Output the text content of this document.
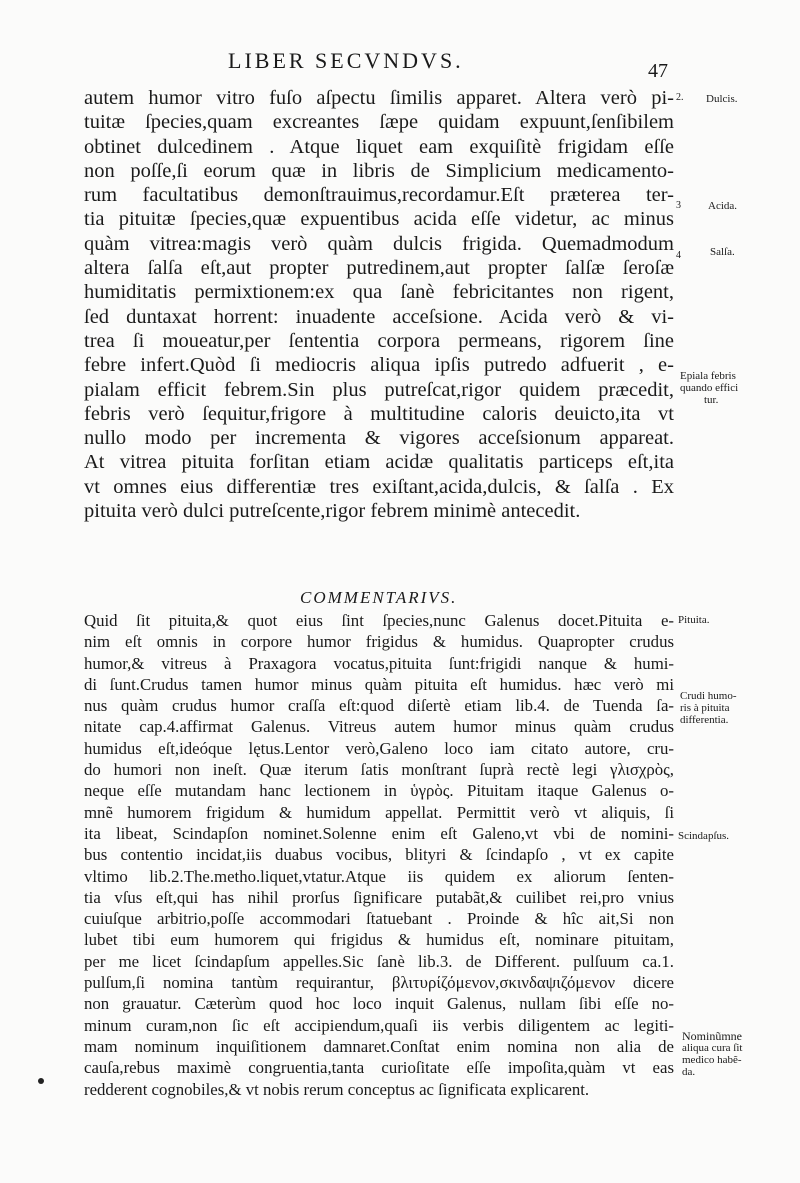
LIBER SECVNDVS.	47
autem humor vitro fuſo aſpectu ſimilis apparet. Altera verò pi-
tuitæ ſpecies,quam excreantes ſæpe quidam expuunt,ſenſibilem
obtinet dulcedinem . Atque liquet eam exquiſitè frigidam eſſe
non poſſe,ſi eorum quæ in libris de Simplicium medicamento-
rum facultatibus demonſtrauimus,recordamur.Eſt præterea ter-
tia pituitæ ſpecies,quæ expuentibus acida eſſe videtur, ac minus
quàm vitrea:magis verò quàm dulcis frigida. Quemadmodum
altera ſalſa eſt,aut propter putredinem,aut propter ſalſæ ſeroſæ
humiditatis permixtionem:ex qua ſanè febricitantes non rigent,
ſed duntaxat horrent: inuadente acceſsione. Acida verò & vi-
trea ſi moueatur,per ſententia corpora permeans, rigorem ſine
febre infert.Quòd ſi mediocris aliqua ipſis putredo adfuerit , e-
pialam efficit febrem.Sin plus putreſcat,rigor quidem præcedit,
febris verò ſequitur,frigore à multitudine caloris deuicto,ita vt
nullo modo per incrementa & vigores acceſsionum appareat.
At vitrea pituita forſitan etiam acidæ qualitatis particeps eſt,ita
vt omnes eius differentiæ tres exiſtant,acida,dulcis, & ſalſa . Ex
pituita verò dulci putreſcente,rigor febrem minimè antecedit.
COMMENTARIVS.
Quid ſit pituita,& quot eius ſint ſpecies,nunc Galenus docet.Pituita e-
nim eſt omnis in corpore humor frigidus & humidus. Quapropter crudus
humor,& vitreus à Praxagora vocatus,pituita ſunt:frigidi nanque & humi-
di ſunt.Crudus tamen humor minus quàm pituita eſt humidus. hæc verò mi
nus quàm crudus humor craſſa eſt:quod diſertè etiam lib.4. de Tuenda ſa-
nitate cap.4.affirmat Galenus. Vitreus autem humor minus quàm crudus
humidus eſt,ideóque lętus.Lentor verò,Galeno loco iam citato autore, cru-
do humori non ineſt. Quæ iterum ſatis monſtrant ſuprà rectè legi γλισχρὸς,
neque eſſe mutandam hanc lectionem in ὑγρὸς. Pituitam itaque Galenus o-
mnẽ humorem frigidum & humidum appellat. Permittit verò vt aliquis, ſi
ita libeat, Scindapſon nominet.Solenne enim eſt Galeno,vt vbi de nomini-
bus contentio incidat,iis duabus vocibus, blityri & ſcindapſo , vt ex capite
vltimo lib.2.The.metho.liquet,vtatur.Atque iis quidem ex aliorum ſenten-
tia vſus eſt,qui has nihil prorſus ſignificare putabãt,& cuilibet rei,pro vnius
cuiuſque arbitrio,poſſe accommodari ſtatuebant . Proinde & hîc ait,Si non
lubet tibi eum humorem qui frigidus & humidus eſt, nominare pituitam,
per me licet ſcindapſum appelles.Sic ſanè lib.3. de Different. pulſuum ca.1.
pulſum,ſi nomina tantùm requirantur, βλιτυρίζόμενον,σκινδαψιζόμενον dicere
non grauatur. Cæterùm quod hoc loco inquit Galenus, nullam ſibi eſſe no-
minum curam,non ſic eſt accipiendum,quaſi iis verbis diligentem ac legiti-
mam nominum inquiſitionem damnaret.Conſtat enim nomina non alia de
cauſa,rebus maximè congruentia,tanta curioſitate eſſe impoſita,quàm vt eas
redderent cognobiles,& vt nobis rerum conceptus ac ſignificata explicarent.
2.
3
4
Dulcis.
Acida.
Salſa.
Epiala febris
quando effici
tur.
Pituita.
Crudi humo-
ris à pituita
differentia.
Scindapſus.
Nominũmne
aliqua cura ſit
medico habẽ-
da.
